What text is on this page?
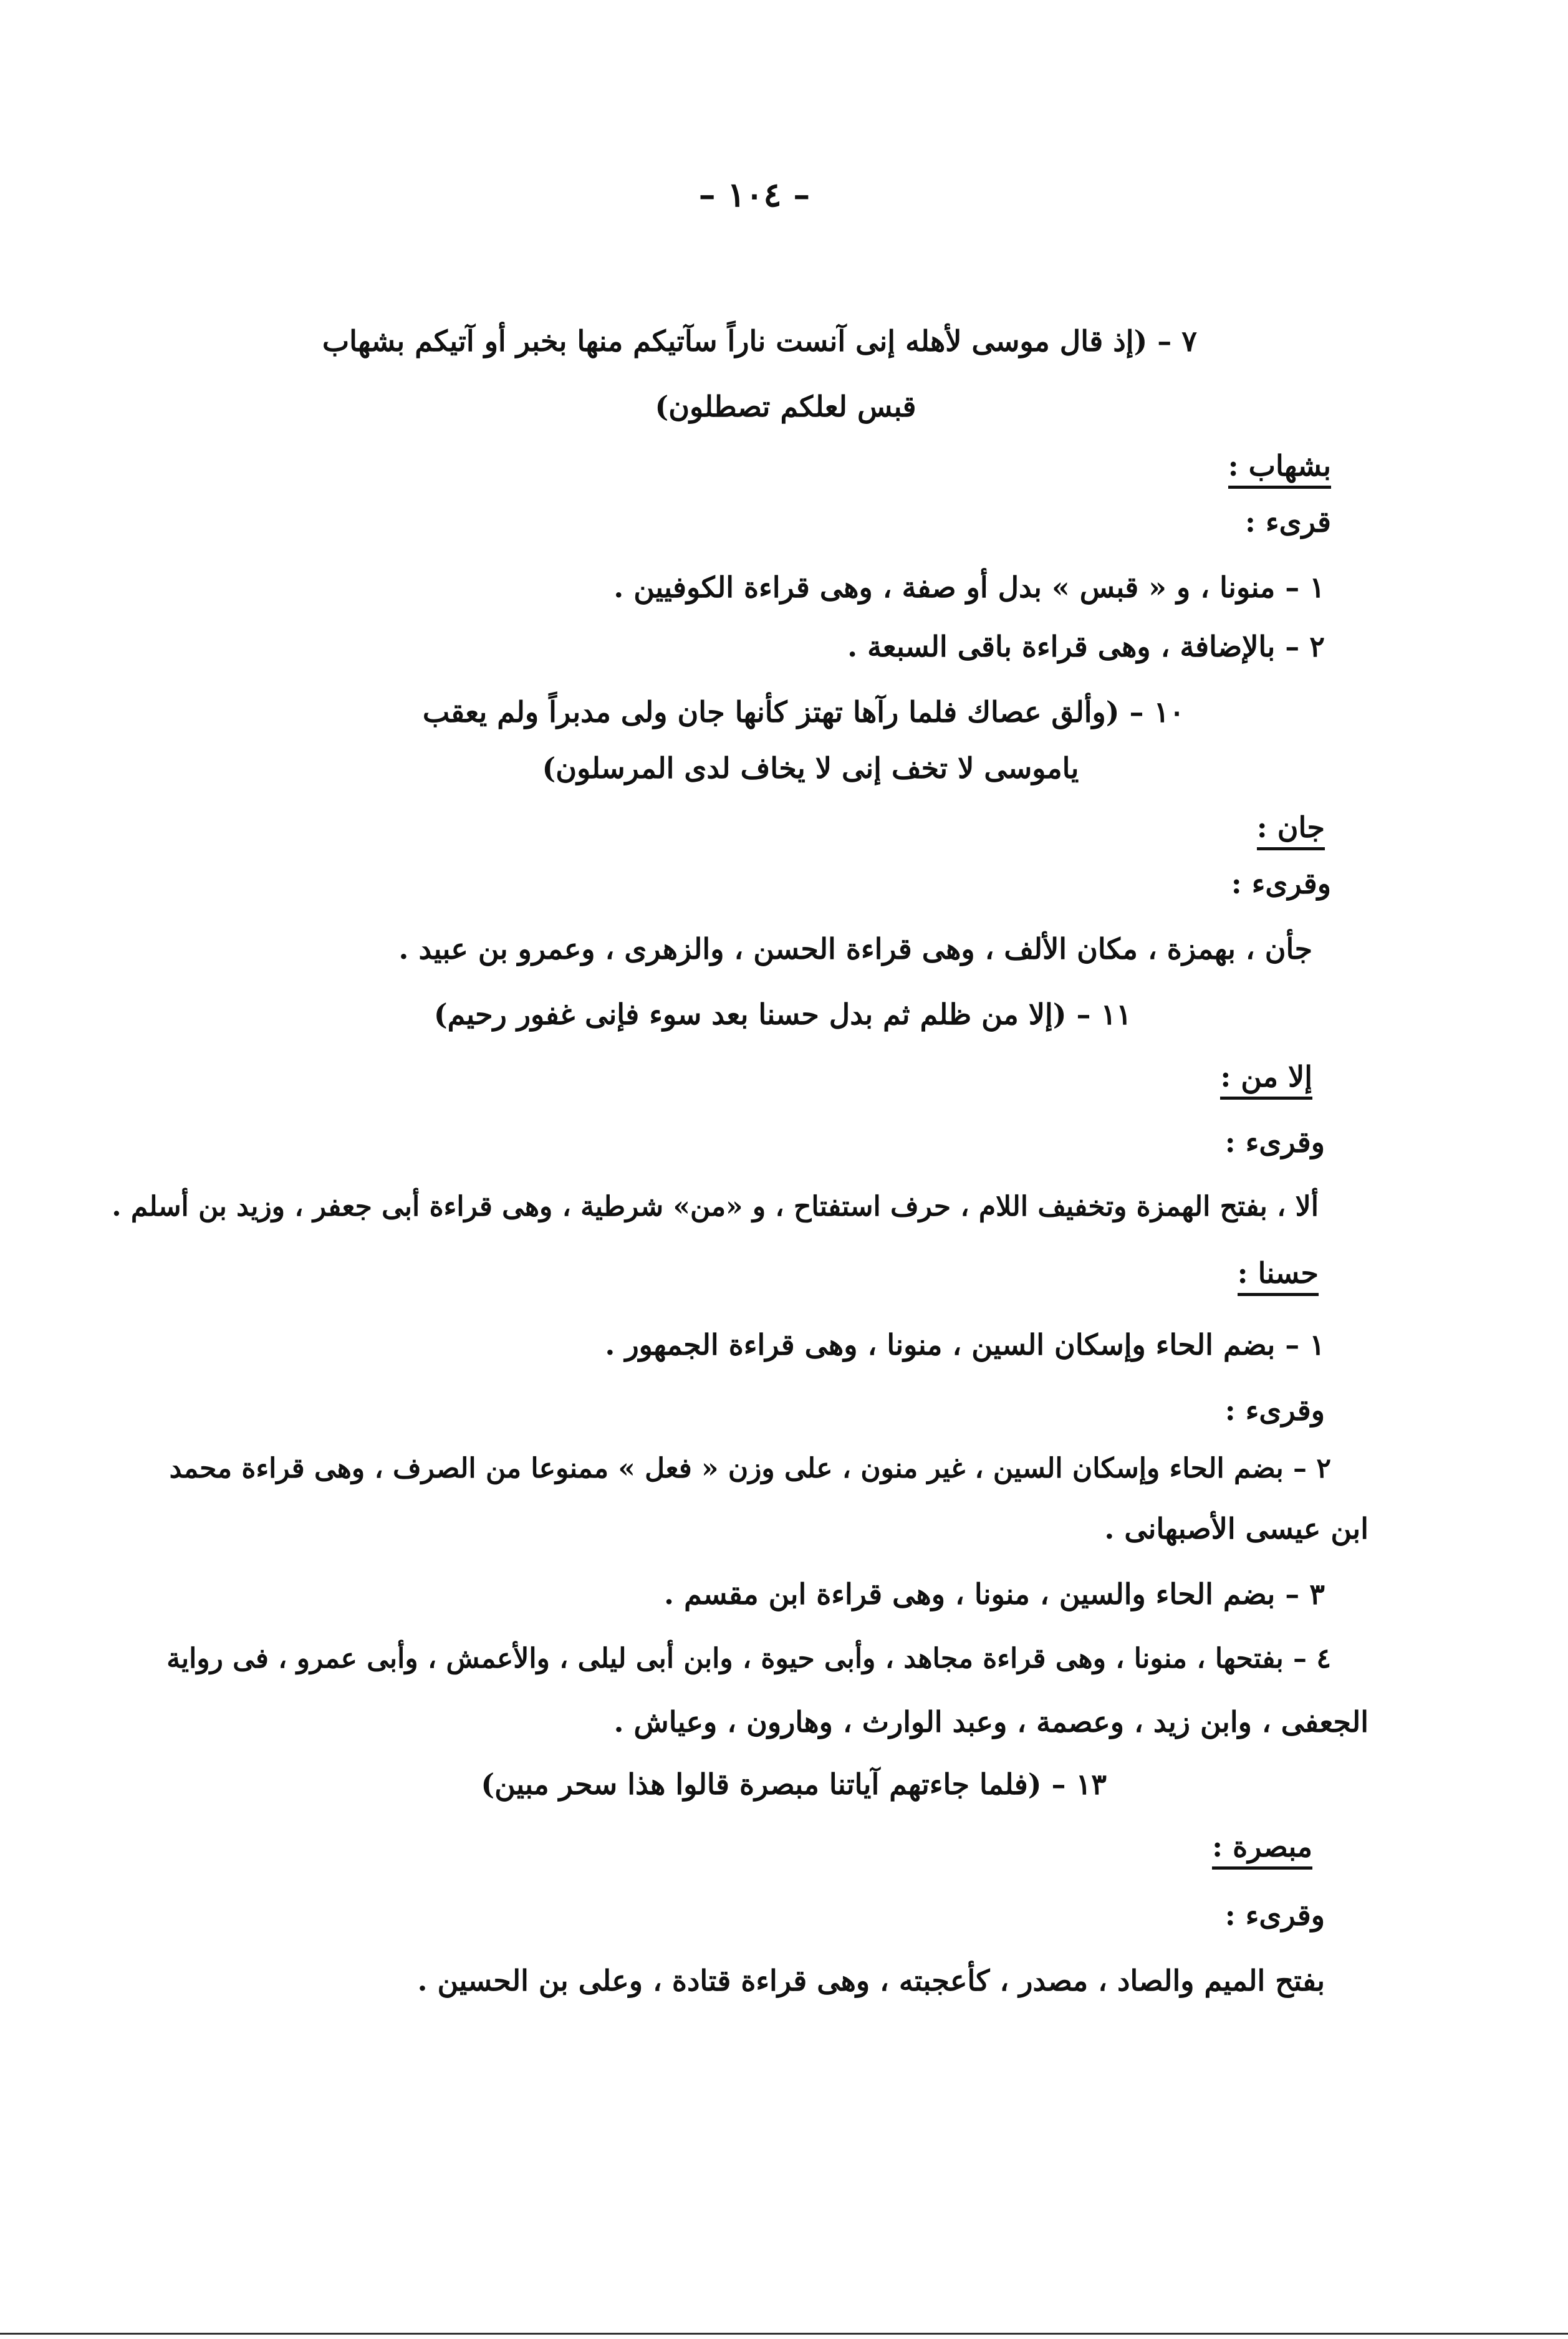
– ١٠٤ –
٧ – (إذ قال موسى لأهله إنى آنست ناراً سآتيكم منها بخبر أو آتيكم بشهاب
قبس لعلكم تصطلون)
بشهاب :
قرىء :
١ – منونا ، و « قبس » بدل أو صفة ، وهى قراءة الكوفيين .
٢ – بالإضافة ، وهى قراءة باقى السبعة .
١٠ – (وألق عصاك فلما رآها تهتز كأنها جان ولى مدبراً ولم يعقب
ياموسى لا تخف إنى لا يخاف لدى المرسلون)
جان :
وقرىء :
جأن ، بهمزة ، مكان الألف ، وهى قراءة الحسن ، والزهرى ، وعمرو بن عبيد .
١١ – (إلا من ظلم ثم بدل حسنا بعد سوء فإنى غفور رحيم)
إلا من :
وقرىء :
ألا ، بفتح الهمزة وتخفيف اللام ، حرف استفتاح ، و «من» شرطية ، وهى قراءة أبى جعفر ، وزيد بن أسلم .
حسنا :
١ – بضم الحاء وإسكان السين ، منونا ، وهى قراءة الجمهور .
وقرىء :
٢ – بضم الحاء وإسكان السين ، غير منون ، على وزن « فعل » ممنوعا من الصرف ، وهى قراءة محمد
ابن عيسى الأصبهانى .
٣ – بضم الحاء والسين ، منونا ، وهى قراءة ابن مقسم .
٤ – بفتحها ، منونا ، وهى قراءة مجاهد ، وأبى حيوة ، وابن أبى ليلى ، والأعمش ، وأبى عمرو ، فى رواية
الجعفى ، وابن زيد ، وعصمة ، وعبد الوارث ، وهارون ، وعياش .
١٣ – (فلما جاءتهم آياتنا مبصرة قالوا هذا سحر مبين)
مبصرة :
وقرىء :
بفتح الميم والصاد ، مصدر ، كأعجبته ، وهى قراءة قتادة ، وعلى بن الحسين .
